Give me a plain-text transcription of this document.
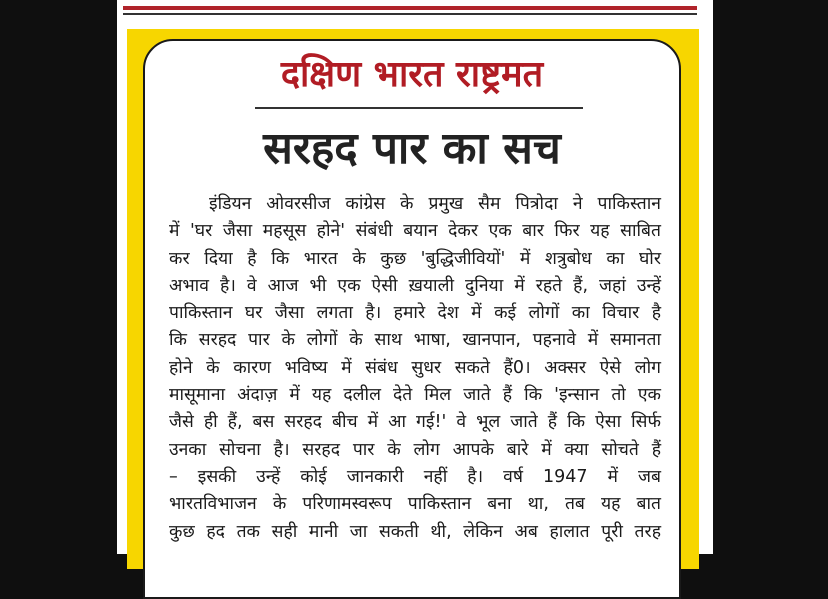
दक्षिण भारत राष्ट्रमत
सरहद पार का सच
इंडियन ओवरसीज कांग्रेस के प्रमुख सैम पित्रोदा ने पाकिस्तान
में 'घर जैसा महसूस होने' संबंधी बयान देकर एक बार फिर यह साबित
कर दिया है कि भारत के कुछ 'बुद्धिजीवियों' में शत्रुबोध का घोर
अभाव है। वे आज भी एक ऐसी ख़याली दुनिया में रहते हैं, जहां उन्हें
पाकिस्तान घर जैसा लगता है। हमारे देश में कई लोगों का विचार है
कि सरहद पार के लोगों के साथ भाषा, खानपान, पहनावे में समानता
होने के कारण भविष्य में संबंध सुधर सकते हैं0। अक्सर ऐसे लोग
मासूमाना अंदाज़ में यह दलील देते मिल जाते हैं कि 'इन्सान तो एक
जैसे ही हैं, बस सरहद बीच में आ गई!' वे भूल जाते हैं कि ऐसा सिर्फ
उनका सोचना है। सरहद पार के लोग आपके बारे में क्या सोचते हैं
– इसकी उन्हें कोई जानकारी नहीं है। वर्ष 1947 में जब
भारतविभाजन के परिणामस्वरूप पाकिस्तान बना था, तब यह बात
कुछ हद तक सही मानी जा सकती थी, लेकिन अब हालात पूरी तरह
